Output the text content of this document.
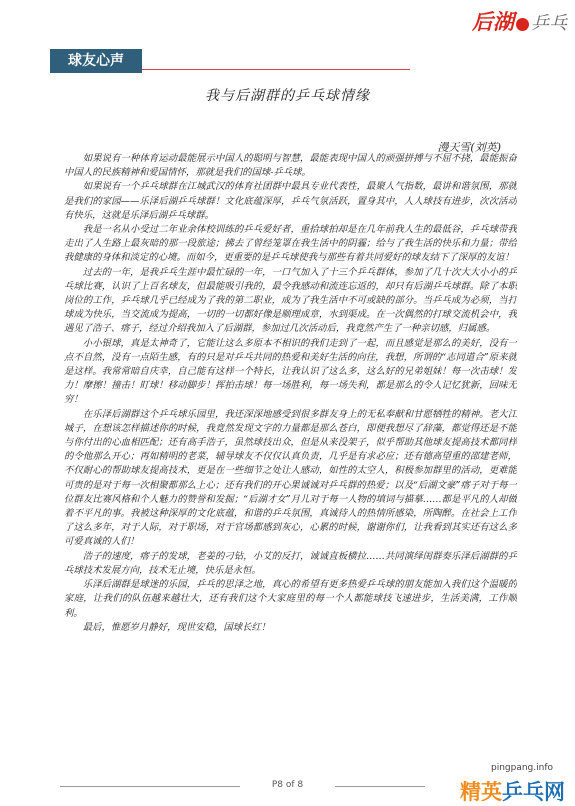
后湖 乒乓
球友心声
我与后湖群的乒乓球情缘
漫天雪(刘英)

如果说有一种体育运动最能展示中国人的聪明与智慧，最能表现中国人的顽强拼搏与不屈不挠，最能振奋中国人的民族精神和爱国情怀，那就是我们的国球-乒乓球。

如果说有一个乒乓球群在江城武汉的体育社团群中最具专业代表性，最聚人气指数，最讲和谐氛围，那就是我们的家园——乐泽后湖乒乓球群！文化底蕴深厚，乒乓气氛活跃，置身其中，人人球技有进步，次次活动有快乐，这就是乐泽后湖乒乓球群。

我是一名从小受过二年业余体校训练的乒乓爱好者，重拾球拍却是在几年前我人生的最低谷，乒乓球带我走出了人生路上最灰暗的那一段旅途；拂去了曾经笼罩在我生活中的阴霾；给与了我生活的快乐和力量；带给我健康的身体和淡定的心境。而如今，更重要的是乒乓球使我与那些有着共同爱好的球友结下了深厚的友谊！

过去的一年，是我乒乓生涯中最忙碌的一年，一口气加入了十三个乒乓群体，参加了几十次大大小小的乒乓球比赛，认识了上百名球友，但最能吸引我的，最令我感动和流连忘返的，却只有后湖乒乓球群。除了本职岗位的工作，乒乓球几乎已经成为了我的第二职业，成为了我生活中不可或缺的部分。当乒乓成为必须，当打球成为快乐，当交流成为提高，一切的一切都好像是顺理成章，水到渠成。在一次偶然的打球交流机会中，我遇见了浩子、瘩子，经过介绍我加入了后湖群，参加过几次活动后，我竟然产生了一种亲切感，归属感。

小小银球，真是太神奇了，它能让这么多原本不相识的我们走到了一起，而且感觉是那么的美好，没有一点不自然，没有一点陌生感，有的只是对乒乓共同的热爱和美好生活的向往，我想，所谓的“志同道合”原来就是这样。我常常暗自庆幸，自己能有这样一个特长，让我认识了这么多，这么好的兄弟姐妹！每一次击球！发力！摩擦！撞击！盯球！移动脚步！挥拍击球！每一场胜利，每一场失利，都是那么的令人记忆犹新，回味无穷！

在乐泽后湖群这个乒乓球乐园里，我还深深地感受到很多群友身上的无私奉献和甘愿牺牲的精神。老大江城子，在想该怎样描述你的时候，我竟然发现文字的力量都是那么苍白，即便我想尽了辞藻，都觉得还是不能与你付出的心血相匹配；还有高手浩子，虽然球技出众，但是从来没架子，似乎帮助其他球友提高技术都同样的令他那么开心；再如精明的老菜，辅导球友不仅仅认真负责，几乎是有求必应；还有德高望重的邵建老师，不仅耐心的帮助球友提高技术，更是在一些细节之处让人感动，如性的太空人，积极参加群里的活动，更难能可贵的是对于每一次相聚都那么上心；还有我们的开心果诚诚对乒乓群的热爱；以及“后湖文豪”瘩子对于每一位群友比赛风格和个人魅力的赞誉和发掘；“后湖才女”月儿对于每一人物的填词与描摹……都是平凡的人却做着不平凡的事。我被这种深厚的文化底蕴，和谐的乒乓氛围，真诚待人的热情所感染，所陶醉。在社会上工作了这么多年，对于人际，对于职场，对于官场都感到灰心，心累的时候，谢谢你们，让我看到其实还有这么多可爱真诚的人们！

浩子的速度，瘩子的发球，老姜的刁钻，小艾的反打，诚诚直板横拉……共同演绎闺群奏乐泽后湖群的乒乓球技术发展方向，技术无止境，快乐是永恒。

乐泽后湖群是球迷的乐园，乒乓的思泽之地，真心的希望有更多热爱乒乓球的朋友能加入我们这个温暖的家庭，让我们的队伍越来越壮大，还有我们这个大家庭里的每一个人都能球技飞速进步，生活美满，工作顺利。

最后，惟愿岁月静好，现世安稳，国球长红！

pingpang.info
P8 of 8	精英乒乓网
